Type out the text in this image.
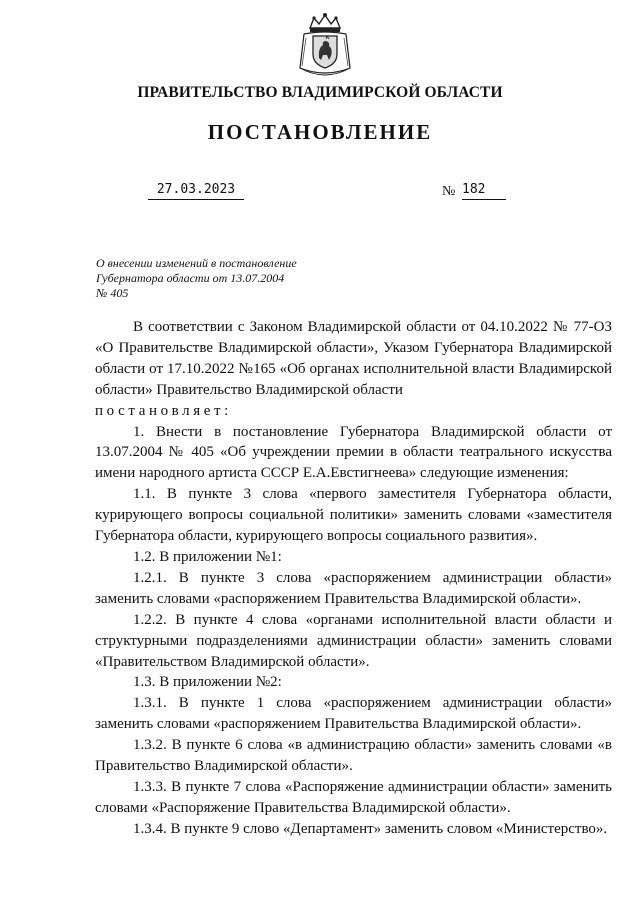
ПРАВИТЕЛЬСТВО ВЛАДИМИРСКОЙ ОБЛАСТИ
ПОСТАНОВЛЕНИЕ
27.03.2023	№ 182
О внесении изменений в постановление
Губернатора области от 13.07.2004
№ 405

В соответствии с Законом Владимирской области от 04.10.2022 № 77-ОЗ «О Правительстве Владимирской области», Указом Губернатора Владимирской области от 17.10.2022 №165 «Об органах исполнительной власти Владимирской области» Правительство Владимирской области

постановляет:

1. Внести в постановление Губернатора Владимирской области от 13.07.2004 № 405 «Об учреждении премии в области театрального искусства имени народного артиста СССР Е.А.Евстигнеева» следующие изменения:

1.1. В пункте 3 слова «первого заместителя Губернатора области, курирующего вопросы социальной политики» заменить словами «заместителя Губернатора области, курирующего вопросы социального развития».

1.2. В приложении №1:

1.2.1. В пункте 3 слова «распоряжением администрации области» заменить словами «распоряжением Правительства Владимирской области».

1.2.2. В пункте 4 слова «органами исполнительной власти области и структурными подразделениями администрации области» заменить словами «Правительством Владимирской области».

1.3. В приложении №2:

1.3.1. В пункте 1 слова «распоряжением администрации области» заменить словами «распоряжением Правительства Владимирской области».

1.3.2. В пункте 6 слова «в администрацию области» заменить словами «в Правительство Владимирской области».

1.3.3. В пункте 7 слова «Распоряжение администрации области» заменить словами «Распоряжение Правительства Владимирской области».

1.3.4. В пункте 9 слово «Департамент» заменить словом «Министерство».
